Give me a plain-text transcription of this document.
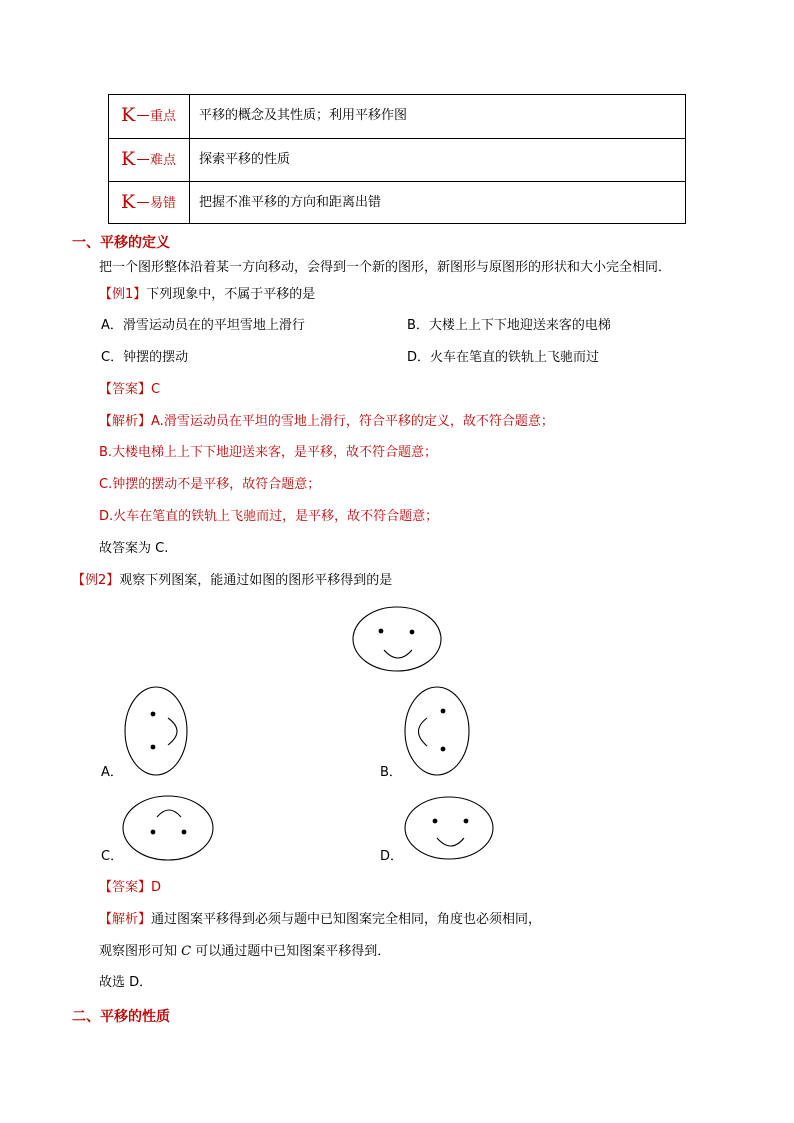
K 重点 平移的概念及其性质；利用平移作图
K 难点 探索平移的性质
K 易错 把握不准平移的方向和距离出错
一、平移的定义
把一个图形整体沿着某一方向移动，会得到一个新的图形，新图形与原图形的形状和大小完全相同．
【例1】下列现象中，不属于平移的是
A．滑雪运动员在的平坦雪地上滑行	B．大楼上上下下地迎送来客的电梯
C．钟摆的摆动	D．火车在笔直的铁轨上飞驰而过
【答案】C
【解析】A.滑雪运动员在平坦的雪地上滑行，符合平移的定义，故不符合题意；
B.大楼电梯上上下下地迎送来客，是平移，故不符合题意；
C.钟摆的摆动不是平移，故符合题意；
D.火车在笔直的铁轨上飞驰而过，是平移，故不符合题意；
故答案为 C.
【例2】观察下列图案，能通过如图的图形平移得到的是
A．	B．
C．	D．
【答案】D
【解析】通过图案平移得到必须与题中已知图案完全相同，角度也必须相同，
观察图形可知 C 可以通过题中已知图案平移得到．
故选 D．
二、平移的性质
